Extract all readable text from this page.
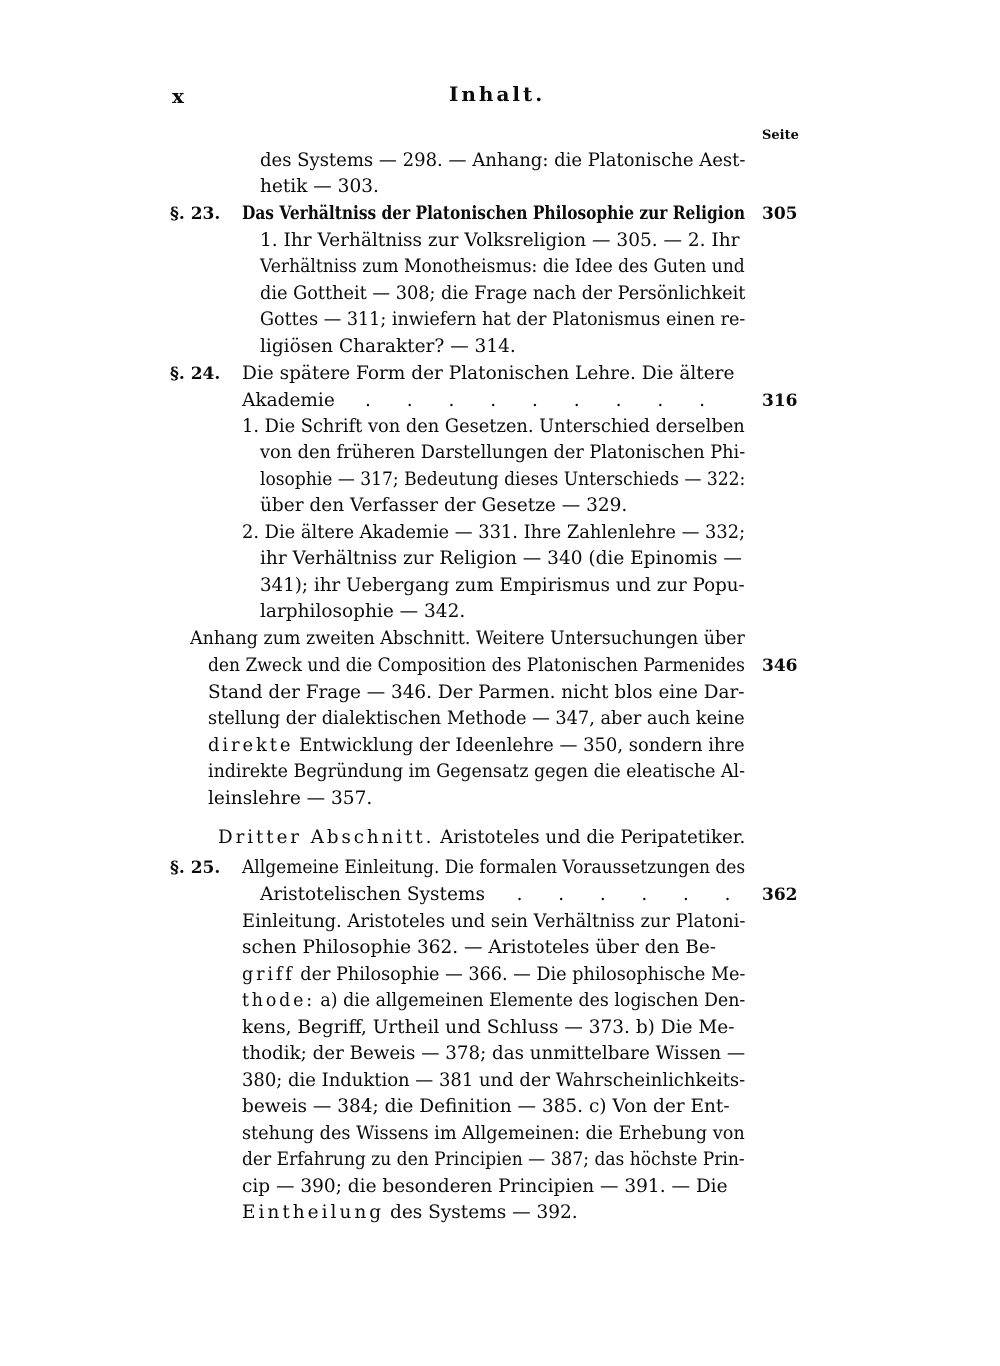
x	Inhalt.
Seite
des Systems — 298. — Anhang: die Platonische Aest-
hetik — 303.
§. 23. Das Verhältniss der Platonischen Philosophie zur Religion 305
1. Ihr Verhältniss zur Volksreligion — 305. — 2. Ihr
Verhältniss zum Monotheismus: die Idee des Guten und
die Gottheit — 308; die Frage nach der Persönlichkeit
Gottes — 311; inwiefern hat der Platonismus einen re-
ligiösen Charakter? — 314.
§. 24. Die spätere Form der Platonischen Lehre. Die ältere
Akademie . . . . . . . . . 316
1. Die Schrift von den Gesetzen. Unterschied derselben
von den früheren Darstellungen der Platonischen Phi-
losophie — 317; Bedeutung dieses Unterschieds — 322:
über den Verfasser der Gesetze — 329.
2. Die ältere Akademie — 331. Ihre Zahlenlehre — 332;
ihr Verhältniss zur Religion — 340 (die Epinomis —
341); ihr Uebergang zum Empirismus und zur Popu-
larphilosophie — 342.
Anhang zum zweiten Abschnitt. Weitere Untersuchungen über
den Zweck und die Composition des Platonischen Parmenides 346
Stand der Frage — 346. Der Parmen. nicht blos eine Dar-
stellung der dialektischen Methode — 347, aber auch keine
direkte Entwicklung der Ideenlehre — 350, sondern ihre
indirekte Begründung im Gegensatz gegen die eleatische Al-
leinslehre — 357.
Dritter Abschnitt. Aristoteles und die Peripatetiker.
§. 25. Allgemeine Einleitung. Die formalen Voraussetzungen des
Aristotelischen Systems
. . . . . . . 362
Einleitung. Aristoteles und sein Verhältniss zur Platoni-
schen Philosophie 362. — Aristoteles über den Be-
griff der Philosophie — 366. — Die philosophische Me-
thode: a) die allgemeinen Elemente des logischen Den-
kens, Begriff, Urtheil und Schluss — 373. b) Die Me-
thodik; der Beweis — 378; das unmittelbare Wissen —
380; die Induktion — 381 und der Wahrscheinlichkeits-
beweis — 384; die Definition — 385. c) Von der Ent-
stehung des Wissens im Allgemeinen: die Erhebung von
der Erfahrung zu den Principien — 387; das höchste Prin-
cip — 390; die besonderen Principien — 391. — Die
Eintheilung des Systems — 392.
